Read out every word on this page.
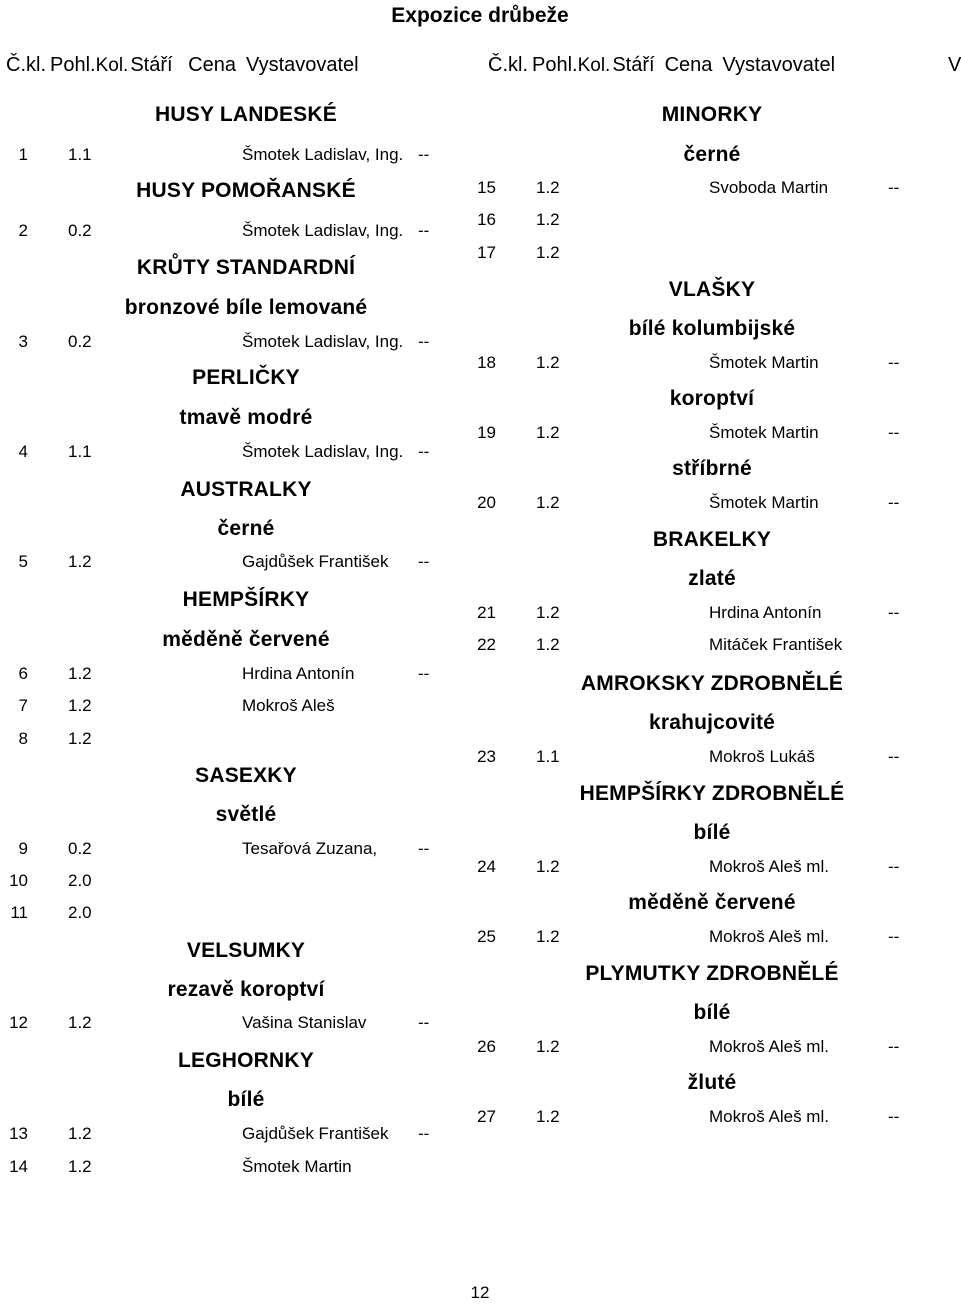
Expozice drůbeže
Č.kl. Pohl.Kol. Stáří Cena Vystavovatel	Č.kl. Pohl.Kol. Stáří Cena Vystavovatel	V
HUSY LANDESKÉ
1 1.1	Šmotek Ladislav, Ing. --
HUSY POMOŘANSKÉ
2 0.2	Šmotek Ladislav, Ing. --
KRŮTY STANDARDNÍ
bronzové bíle lemované
3 0.2	Šmotek Ladislav, Ing. --
PERLIČKY
tmavě modré
4 1.1	Šmotek Ladislav, Ing. --
AUSTRALKY
černé
5 1.2	Gajdůšek František --
HEMPŠÍRKY
měděně červené
6 1.2	Hrdina Antonín	--
7 1.2	Mokroš Aleš
8 1.2
SASEXKY
světlé
9 0.2	Tesařová Zuzana, --
10 2.0
11 2.0
VELSUMKY
rezavě koroptví
12 1.2	Vašina Stanislav	--
LEGHORNKY
bílé
13 1.2	Gajdůšek František --
14 1.2	Šmotek Martin
MINORKY
černé
15 1.2	Svoboda Martin	--
16 1.2
17 1.2
VLAŠKY
bílé kolumbijské
18 1.2	Šmotek Martin	--
koroptví
19 1.2	Šmotek Martin	--
stříbrné
20 1.2	Šmotek Martin	--
BRAKELKY
zlaté
21 1.2	Hrdina Antonín	--
22 1.2	Mitáček František
AMROKSKY ZDROBNĚLÉ
krahujcovité
23 1.1	Mokroš Lukáš	--
HEMPŠÍRKY ZDROBNĚLÉ
bílé
24 1.2	Mokroš Aleš ml.	--
měděně červené
25 1.2	Mokroš Aleš ml.	--
PLYMUTKY ZDROBNĚLÉ
bílé
26 1.2	Mokroš Aleš ml.	--
žluté
27 1.2	Mokroš Aleš ml.	--
12
